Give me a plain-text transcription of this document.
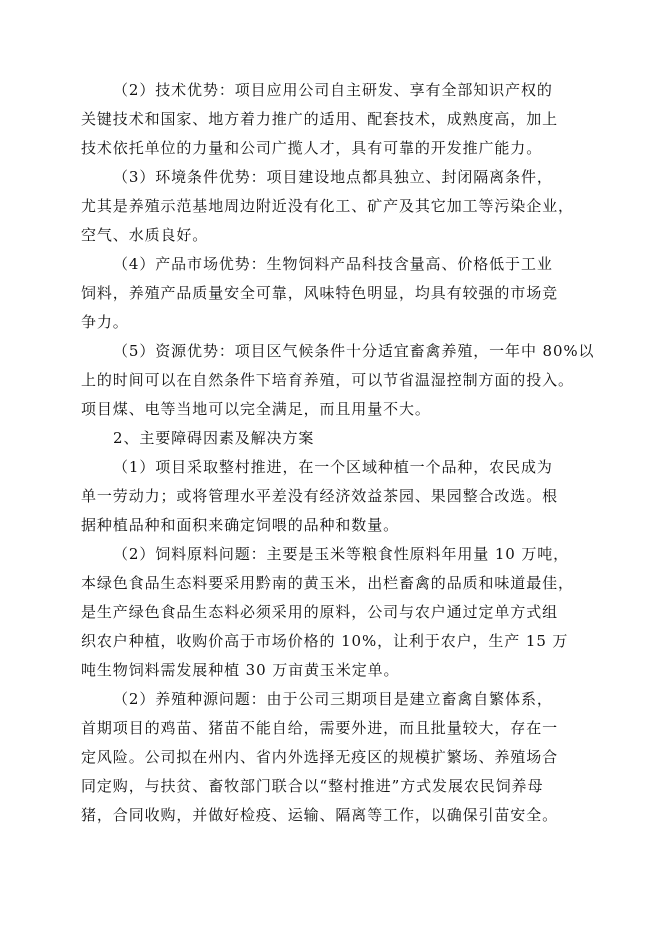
（2）技术优势：项目应用公司自主研发、享有全部知识产权的
关键技术和国家、地方着力推广的适用、配套技术，成熟度高，加上
技术依托单位的力量和公司广揽人才，具有可靠的开发推广能力。
（3）环境条件优势：项目建设地点都具独立、封闭隔离条件，
尤其是养殖示范基地周边附近没有化工、矿产及其它加工等污染企业，
空气、水质良好。
（4）产品市场优势：生物饲料产品科技含量高、价格低于工业
饲料，养殖产品质量安全可靠，风味特色明显，均具有较强的市场竞
争力。
（5）资源优势：项目区气候条件十分适宜畜禽养殖，一年中 80%以
上的时间可以在自然条件下培育养殖，可以节省温湿控制方面的投入。
项目煤、电等当地可以完全满足，而且用量不大。
2、主要障碍因素及解决方案
（1）项目采取整村推进，在一个区域种植一个品种，农民成为
单一劳动力；或将管理水平差没有经济效益茶园、果园整合改选。根
据种植品种和面积来确定饲喂的品种和数量。
（2）饲料原料问题：主要是玉米等粮食性原料年用量 10 万吨，
本绿色食品生态料要采用黔南的黄玉米，出栏畜禽的品质和味道最佳，
是生产绿色食品生态料必须采用的原料，公司与农户通过定单方式组
织农户种植，收购价高于市场价格的 10%，让利于农户，生产 15 万
吨生物饲料需发展种植 30 万亩黄玉米定单。
（2）养殖种源问题：由于公司三期项目是建立畜禽自繁体系，
首期项目的鸡苗、猪苗不能自给，需要外进，而且批量较大，存在一
定风险。公司拟在州内、省内外选择无疫区的规模扩繁场、养殖场合
同定购，与扶贫、畜牧部门联合以“整村推进”方式发展农民饲养母
猪，合同收购，并做好检疫、运输、隔离等工作，以确保引苗安全。
